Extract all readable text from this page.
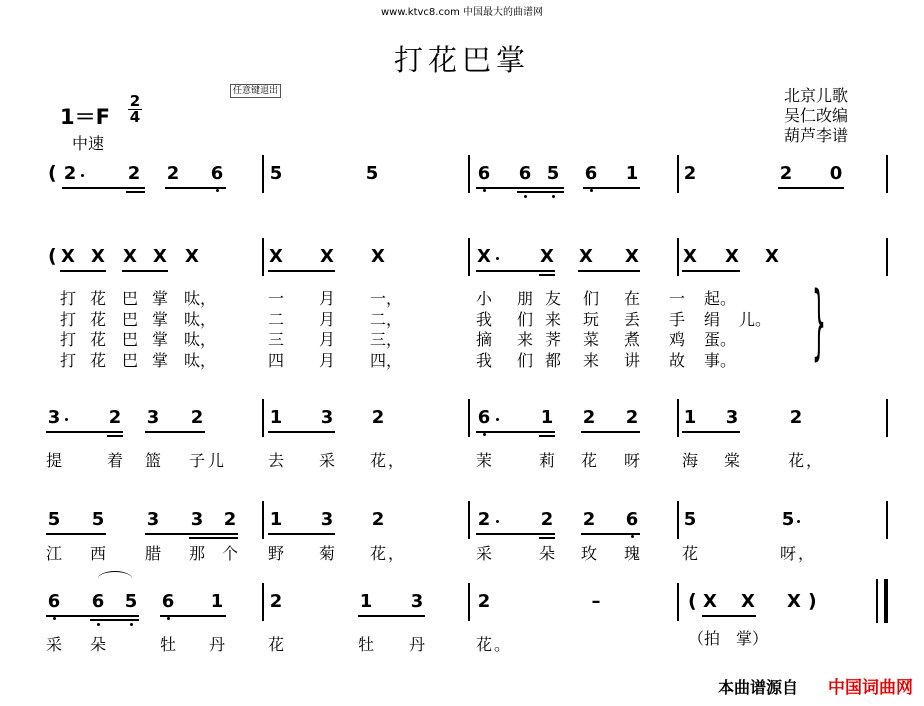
www.ktvc8.com 中国最大的曲谱网
打花巴掌
任意键退出
$1=F \frac{2}{4}$
中速
北京儿歌
吴仁改编
葫芦李谱
( 2	2 2 6	5	5	6 6 5 6 1	2	2 0
( X X X X X	X X X	X	X X X X X X
}
3	2 3 2	1 3 2	6	1 2 2	1 3	2
5 5 3 3 2 1 3 2	2	2 2 6	5	5
6 6 5 6 1	2	1 3	2	–	( X X X )
打 花 巴 掌 呔 ，	一 月 一 ，	小 朋 友 们 在 一 起 。
打 花 巴 掌 呔 ，	二 月 二 ，	我 们 来 玩 丢 手 绢 儿 。
打 花 巴 掌 呔 ，	三 月 三 ，	摘 来 荠 菜 煮 鸡 蛋 。
打 花 巴 掌 呔 ，	四 月 四 ，	我 们 都 来 讲 故 事 。
（拍　掌）
本曲谱源自 中国词曲网
提	着 篮 子 儿	去 采 花 ，	茉	莉 花 呀	海 棠	花 ，
江 西 腊 那 个 野 菊 花 ，	采	朵 玫 瑰	花	呀 ，
采 朵	牡 丹	花	牡 丹	花 。
